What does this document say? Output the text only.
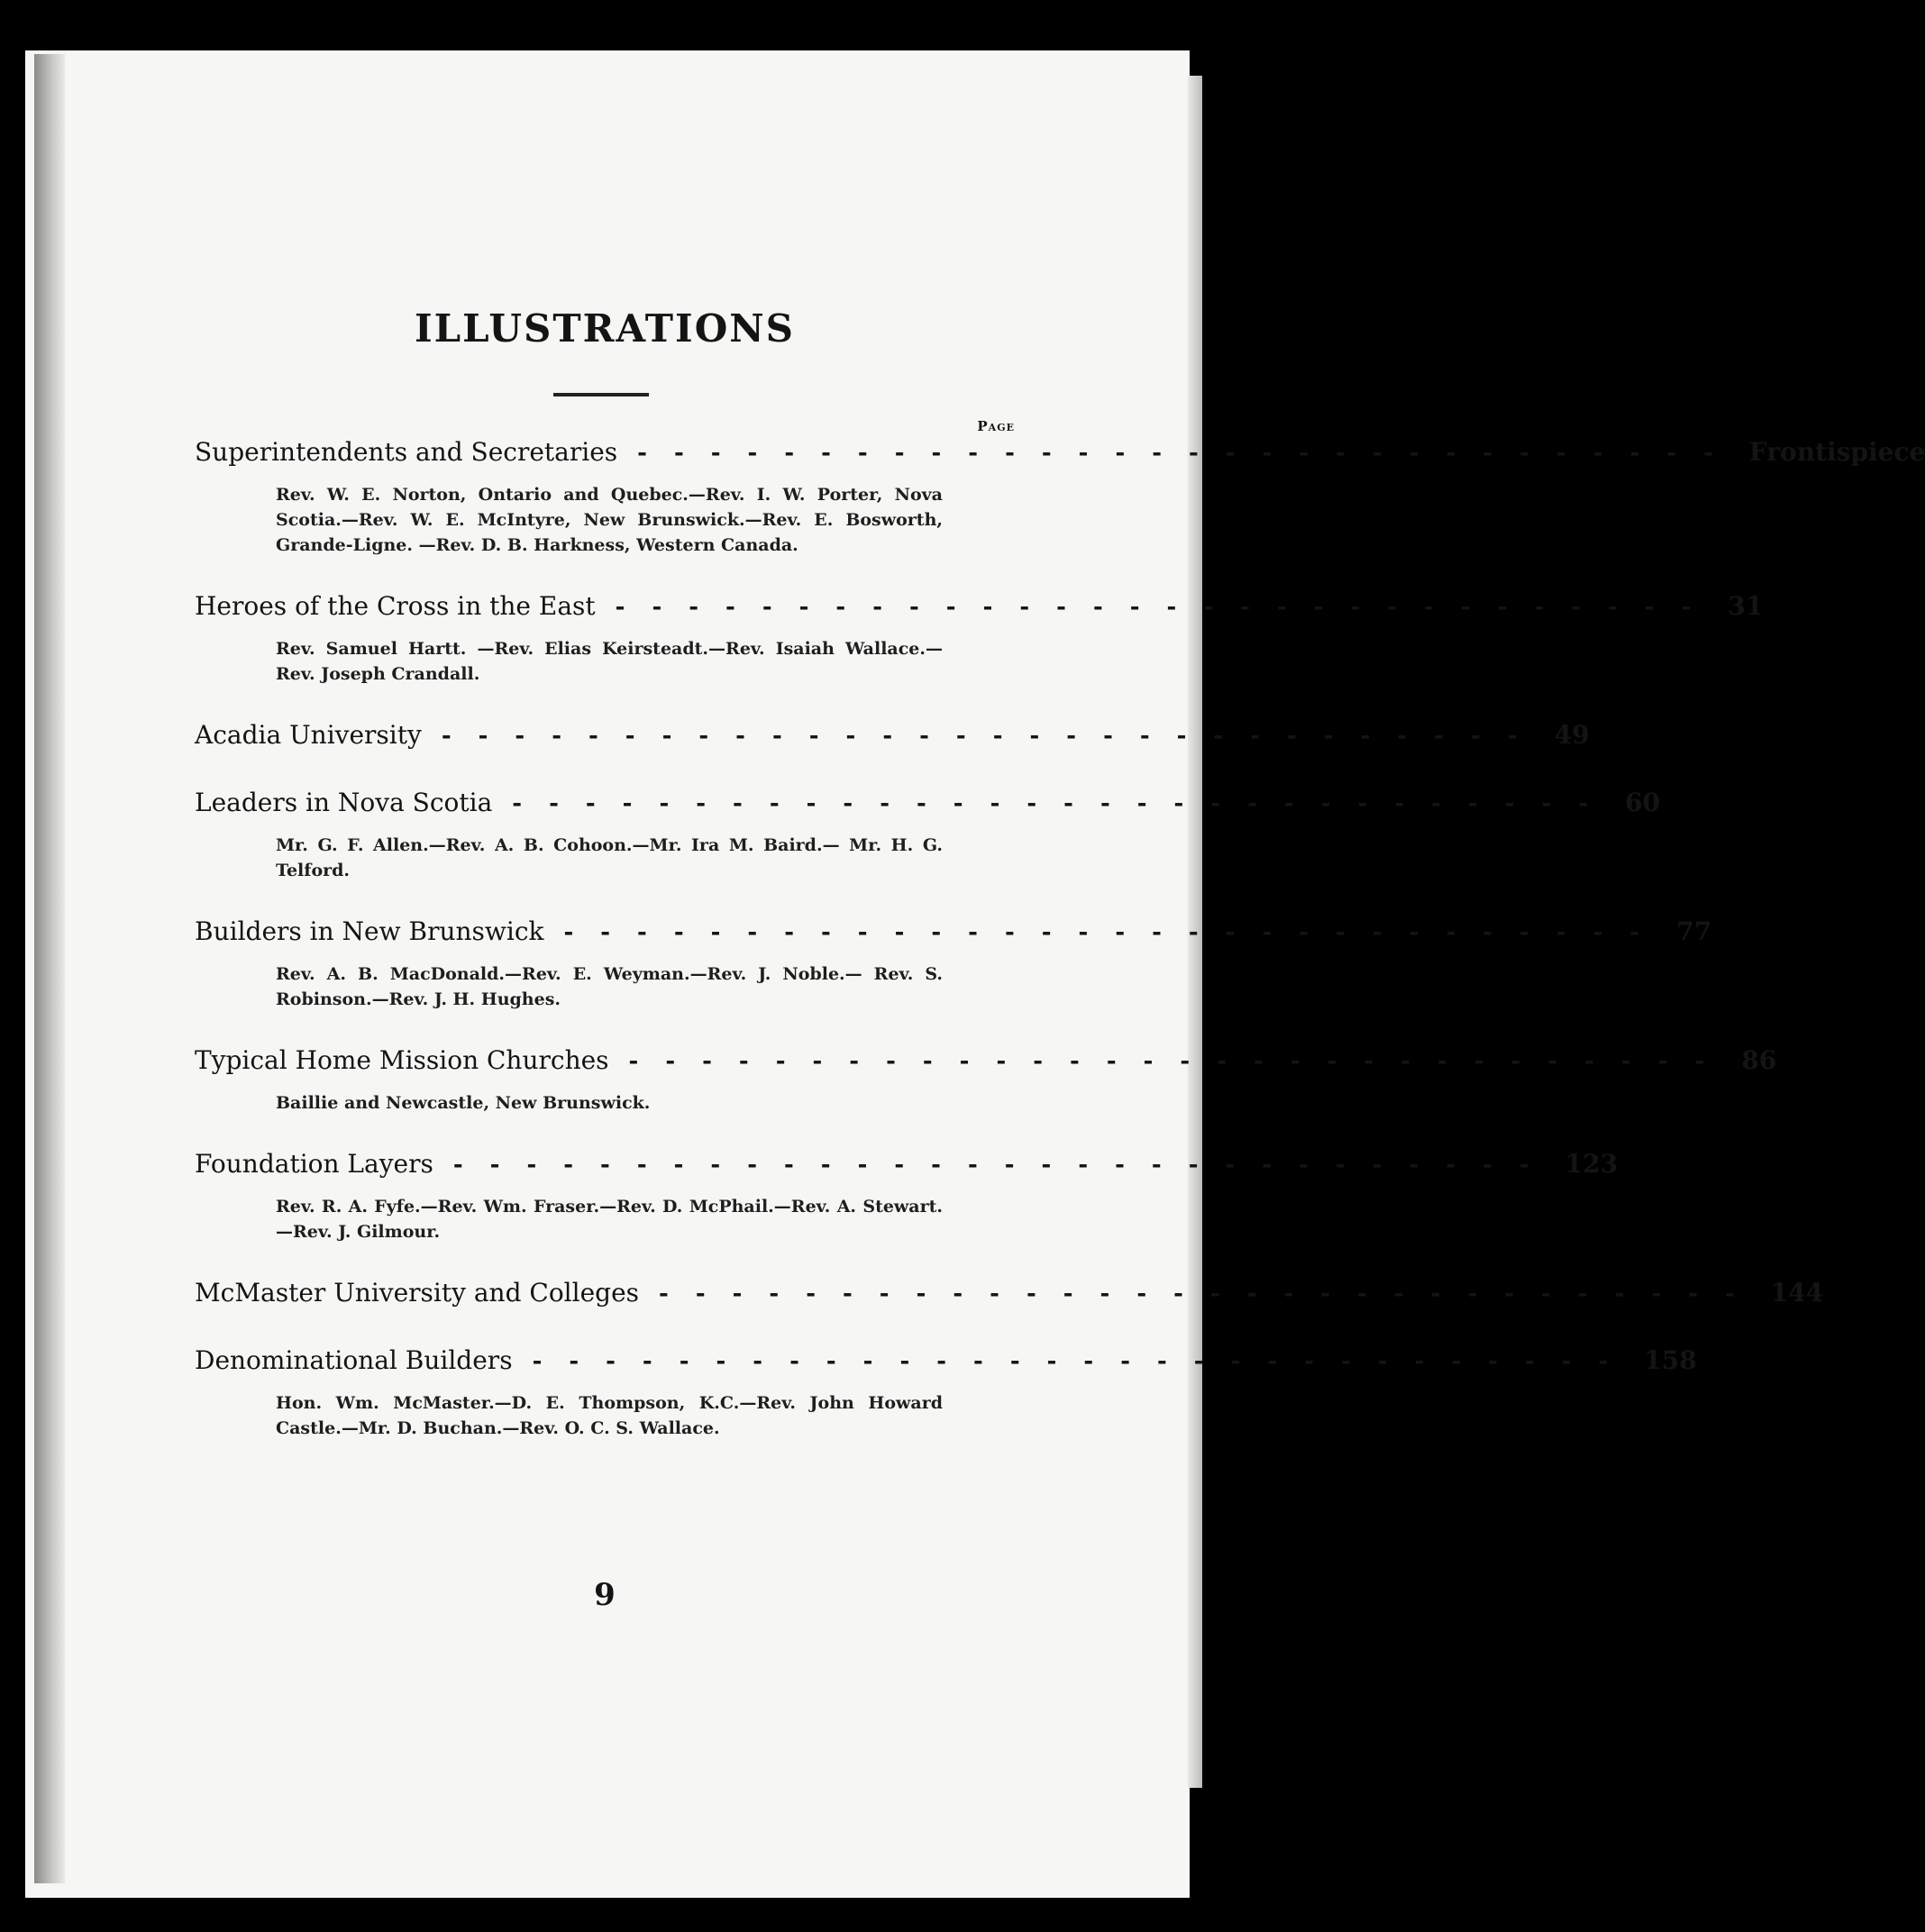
ILLUSTRATIONS
Page
Superintendents and Secretaries ------------------------------ Frontispiece
Rev. W. E. Norton, Ontario and Quebec.—Rev. I. W. Porter, Nova Scotia.—Rev. W. E. McIntyre, New Brunswick.—Rev. E. Bosworth, Grande-Ligne. —Rev. D. B. Harkness, Western Canada.
Heroes of the Cross in the East ------------------------------ 31
Rev. Samuel Hartt. —Rev. Elias Keirsteadt.—Rev. Isaiah Wallace.—Rev. Joseph Crandall.
Acadia University ------------------------------ 49
Leaders in Nova Scotia ------------------------------ 60
Mr. G. F. Allen.—Rev. A. B. Cohoon.—Mr. Ira M. Baird.— Mr. H. G. Telford.
Builders in New Brunswick ------------------------------ 77
Rev. A. B. MacDonald.—Rev. E. Weyman.—Rev. J. Noble.— Rev. S. Robinson.—Rev. J. H. Hughes.
Typical Home Mission Churches ------------------------------ 86
Baillie and Newcastle, New Brunswick.
Foundation Layers ------------------------------ 123
Rev. R. A. Fyfe.—Rev. Wm. Fraser.—Rev. D. McPhail.—Rev. A. Stewart.—Rev. J. Gilmour.
McMaster University and Colleges ------------------------------ 144
Denominational Builders ------------------------------ 158
Hon. Wm. McMaster.—D. E. Thompson, K.C.—Rev. John Howard Castle.—Mr. D. Buchan.—Rev. O. C. S. Wallace.
9
